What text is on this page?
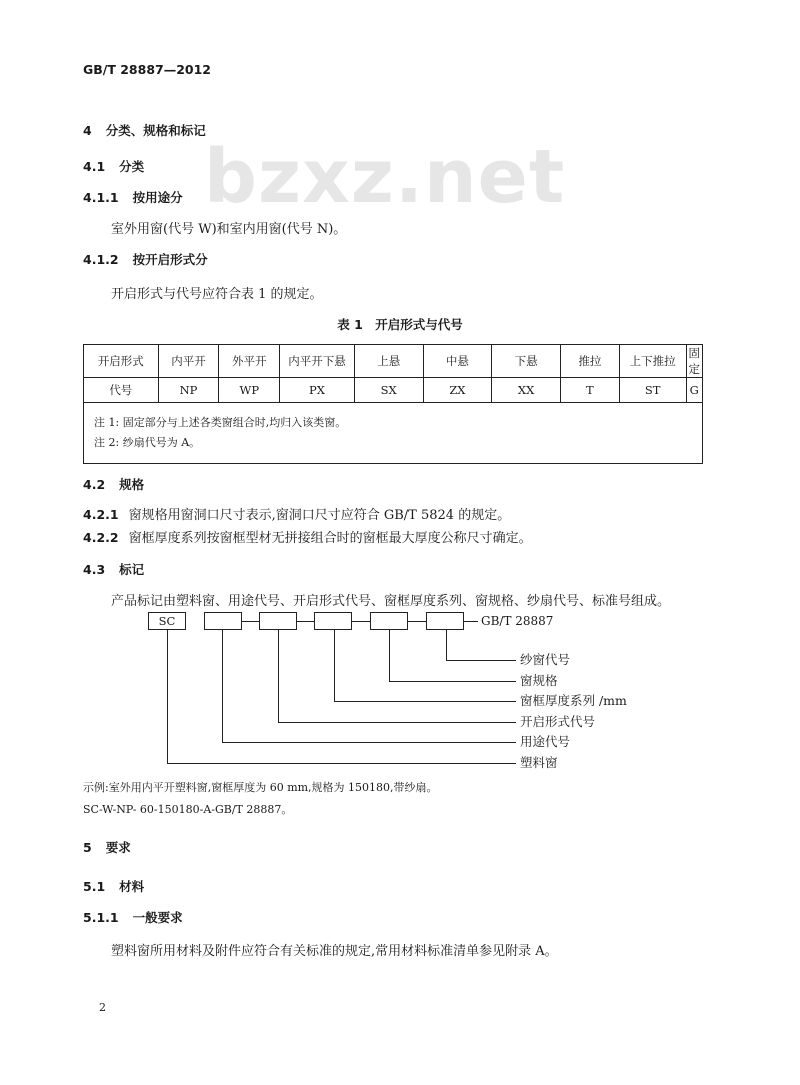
GB/T 28887—2012
bzxz.net
4 分类、规格和标记
4.1 分类
4.1.1 按用途分
室外用窗(代号 W)和室内用窗(代号 N)。
4.1.2 按开启形式分
开启形式与代号应符合表 1 的规定。
表 1　开启形式与代号
开启形式	内平开	外平开	内平开下悬	上悬	中悬	下悬	推拉	上下推拉	固定
代号	NP	WP	PX	SX	ZX	XX	T	ST	G

注 1: 固定部分与上述各类窗组合时,均归入该类窗。
注 2: 纱扇代号为 A。									
4.2 规格
4.2.1 窗规格用窗洞口尺寸表示,窗洞口尺寸应符合 GB/T 5824 的规定。
4.2.2 窗框厚度系列按窗框型材无拼接组合时的窗框最大厚度公称尺寸确定。
4.3 标记
产品标记由塑料窗、用途代号、开启形式代号、窗框厚度系列、窗规格、纱扇代号、标准号组成。
SC	GB/T 28887
纱窗代号
窗规格
窗框厚度系列 /mm
开启形式代号
用途代号
塑料窗
示例:室外用内平开塑料窗,窗框厚度为 60 mm,规格为 150180,带纱扇。
SC-W-NP- 60-150180-A-GB/T 28887。
5 要求
5.1 材料
5.1.1 一般要求
塑料窗所用材料及附件应符合有关标准的规定,常用材料标准清单参见附录 A。
2
